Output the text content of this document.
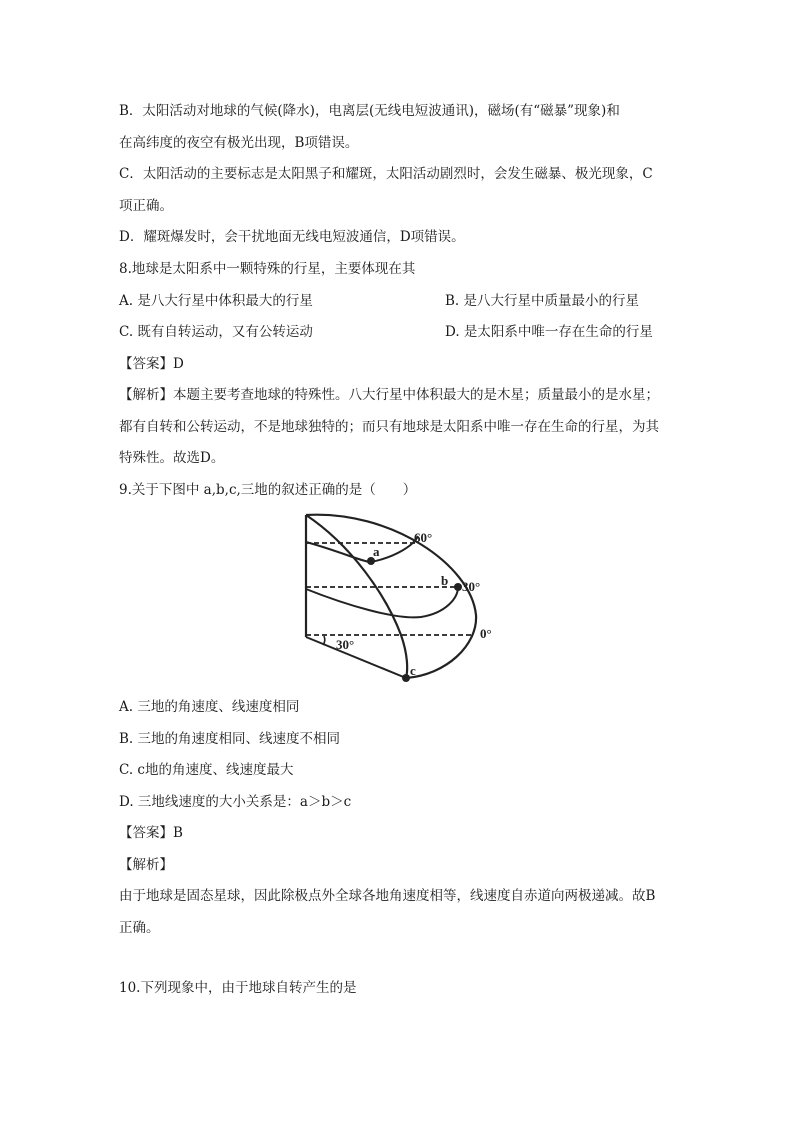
B．太阳活动对地球的气候(降水)，电离层(无线电短波通讯)，磁场(有“磁暴”现象)和
在高纬度的夜空有极光出现，B项错误。
C．太阳活动的主要标志是太阳黑子和耀斑，太阳活动剧烈时，会发生磁暴、极光现象，C
项正确。
D．耀斑爆发时，会干扰地面无线电短波通信，D项错误。
8.地球是太阳系中一颗特殊的行星，主要体现在其
A. 是八大行星中体积最大的行星	B. 是八大行星中质量最小的行星
C. 既有自转运动，又有公转运动	D. 是太阳系中唯一存在生命的行星
【答案】D
【解析】本题主要考查地球的特殊性。八大行星中体积最大的是木星；质量最小的是水星；
都有自转和公转运动，不是地球独特的；而只有地球是太阳系中唯一存在生命的行星，为其
特殊性。故选D。
9.关于下图中 a,b,c,三地的叙述正确的是（　　）
60°
30°
0°
30°
a
b
c
A. 三地的角速度、线速度相同
B. 三地的角速度相同、线速度不相同
C. c地的角速度、线速度最大
D. 三地线速度的大小关系是：a＞b＞c
【答案】B
【解析】
由于地球是固态星球，因此除极点外全球各地角速度相等，线速度自赤道向两极递减。故B
正确。
10.下列现象中，由于地球自转产生的是
